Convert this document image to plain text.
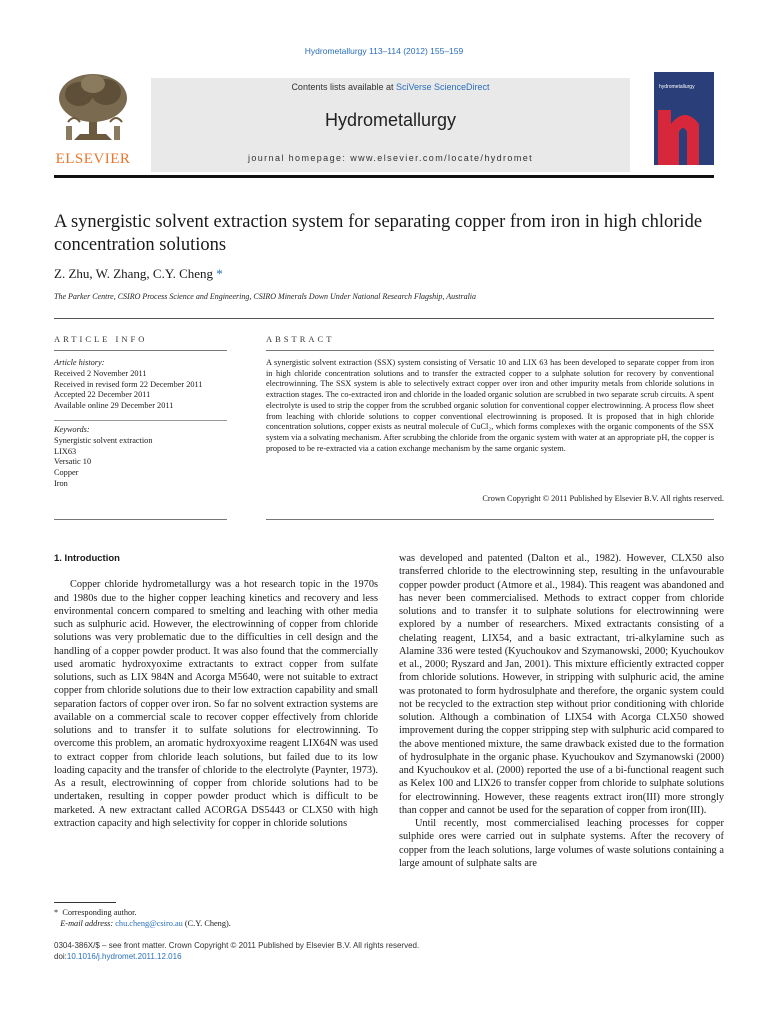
Hydrometallurgy 113–114 (2012) 155–159
ELSEVIER
Contents lists available at SciVerse ScienceDirect
Hydrometallurgy
journal homepage: www.elsevier.com/locate/hydromet
hydrometallurgy
A synergistic solvent extraction system for separating copper from iron in high chloride concentration solutions
Z. Zhu, W. Zhang, C.Y. Cheng *
The Parker Centre, CSIRO Process Science and Engineering, CSIRO Minerals Down Under National Research Flagship, Australia
ARTICLE INFO	ABSTRACT
Article history:
Received 2 November 2011
Received in revised form 22 December 2011
Accepted 22 December 2011
Available online 29 December 2011
Keywords:
Synergistic solvent extraction
LIX63
Versatic 10
Copper
Iron
A synergistic solvent extraction (SSX) system consisting of Versatic 10 and LIX 63 has been developed to separate copper from iron in high chloride concentration solutions and to transfer the extracted copper to a sulphate solution for recovery by conventional electrowinning. The SSX system is able to selectively extract copper over iron and other impurity metals from chloride solutions in extraction stages. The co-extracted iron and chloride in the loaded organic solution are scrubbed in two separate scrub circuits. A spent electrolyte is used to strip the copper from the scrubbed organic solution for conventional copper electrowinning. A process flow sheet from leaching with chloride solutions to copper conventional electrowinning is proposed. It is proposed that in high chloride concentration solutions, copper exists as neutral molecule of CuCl₂, which forms complexes with the organic components of the SSX system via a solvating mechanism. After scrubbing the chloride from the organic system with water at an appropriate pH, the copper is proposed to be re-extracted via a cation exchange mechanism by the same organic system.
Crown Copyright © 2011 Published by Elsevier B.V. All rights reserved.
1. Introduction

Copper chloride hydrometallurgy was a hot research topic in the 1970s and 1980s due to the higher copper leaching kinetics and recovery and less environmental concern compared to smelting and leaching with other media such as sulphuric acid. However, the electrowinning of copper from chloride solutions was very problematic due to the difficulties in cell design and the handling of a copper powder product. It was also found that the commercially used aromatic hydroxyoxime extractants to extract copper from sulfate solutions, such as LIX 984N and Acorga M5640, were not suitable to extract copper from chloride solutions due to their low extraction capability and small separation factors of copper over iron. So far no solvent extraction systems are available on a commercial scale to recover copper effectively from chloride solutions and to transfer it to sulfate solutions for electrowinning. To overcome this problem, an aromatic hydroxyoxime reagent LIX64N was used to extract copper from chloride leach solutions, but failed due to its low loading capacity and the transfer of chloride to the electrolyte (Paynter, 1973). As a result, electrowinning of copper from chloride solutions had to be undertaken, resulting in copper powder product which is difficult to be marketed. A new extractant called ACORGA DS5443 or CLX50 with high extraction capacity and high selectivity for copper in chloride solutions

was developed and patented (Dalton et al., 1982). However, CLX50 also transferred chloride to the electrowinning step, resulting in the unfavourable copper powder product (Atmore et al., 1984). This reagent was abandoned and has never been commercialised. Methods to extract copper from chloride solutions and to transfer it to sulphate solutions for electrowinning were explored by a number of researchers. Mixed extractants consisting of a chelating reagent, LIX54, and a basic extractant, tri-alkylamine such as Alamine 336 were tested (Kyuchoukov and Szymanowski, 2000; Kyuchoukov et al., 2000; Ryszard and Jan, 2001). This mixture efficiently extracted copper from chloride solutions. However, in stripping with sulphuric acid, the amine was protonated to form hydrosulphate and therefore, the organic system could not be recycled to the extraction step without prior conditioning with chloride solution. Although a combination of LIX54 with Acorga CLX50 showed improvement during the copper stripping step with sulphuric acid compared to the above mentioned mixture, the same drawback existed due to the formation of hydrosulphate in the organic phase. Kyuchoukov and Szymanowski (2000) and Kyuchoukov et al. (2000) reported the use of a bi-functional reagent such as Kelex 100 and LIX26 to transfer copper from chloride to sulphate solutions for electrowinning. However, these reagents extract iron(III) more strongly than copper and cannot be used for the separation of copper from iron(III).

Until recently, most commercialised leaching processes for copper sulphide ores were carried out in sulphate systems. After the recovery of copper from the leach solutions, large volumes of waste solutions containing a large amount of sulphate salts are

* Corresponding author.
E-mail address: chu.cheng@csiro.au (C.Y. Cheng).
0304-386X/$ – see front matter. Crown Copyright © 2011 Published by Elsevier B.V. All rights reserved.
doi:10.1016/j.hydromet.2011.12.016
